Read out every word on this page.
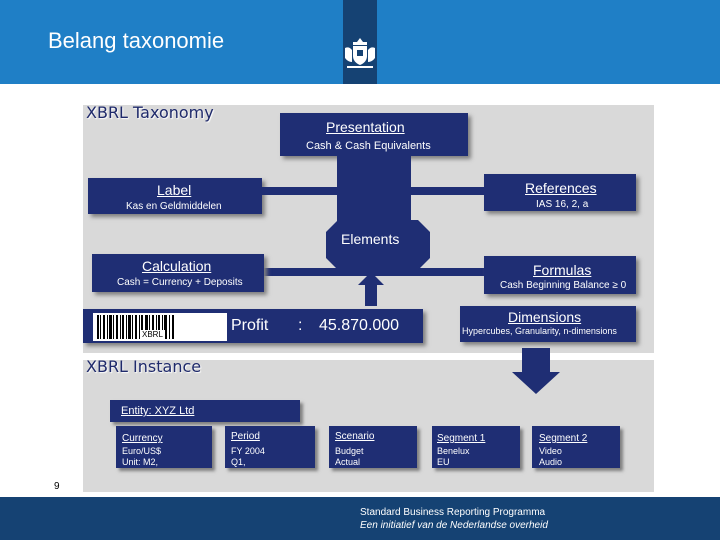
Belang taxonomie
XBRL Taxonomy
Presentation
Cash & Cash Equivalents
Label
Kas en Geldmiddelen
References
IAS 16, 2, a
Elements
Calculation
Cash = Currency + Deposits
Formulas
Cash Beginning Balance ≥ 0
XBRL
Profit : 45.870.000	Dimensions
Hypercubes, Granularity, n-dimensions
XBRL Instance
Entity: XYZ Ltd
Currency
Euro/US$
Unit: M2,
Period
FY 2004
Q1,
Scenario
Budget
Actual
Segment 1
Benelux
EU
Segment 2
Video
Audio
9
Standard Business Reporting Programma
Een initiatief van de Nederlandse overheid
